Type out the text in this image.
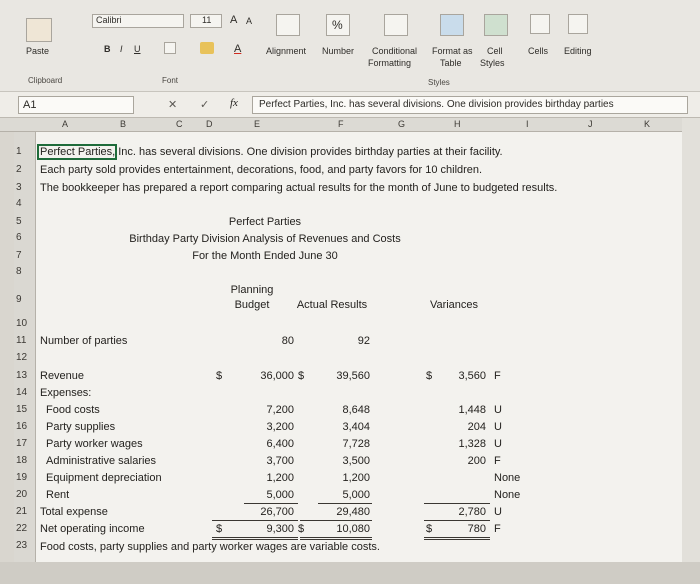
Paste
Calibri	11 A A
B I U	A	Alignment
%
Number Conditional
Formatting
Format as
Table
Cell
Styles
Cells Editing
Clipboard	Font	Styles
A1	✕ ✓ fx	Perfect Parties, Inc. has several divisions. One division provides birthday parties
A	B	C	D	E	F	G	H	I	J	K
1
2
3
4
5
6
7
8
9
10
11
12
13
14
15
16
17
18
19
20
21
22
23
Perfect Parties, Inc. has several divisions. One division provides birthday parties at their facility.
Each party sold provides entertainment, decorations, food, and party favors for 10 children.
The bookkeeper has prepared a report comparing actual results for the month of June to budgeted results.
Perfect Parties
Birthday Party Division Analysis of Revenues and Costs
For the Month Ended June 30
Planning
Budget	Actual Results	Variances
Number of parties	80	92
Revenue	$	36,000 $	39,560	$	3,560 F
Expenses:
Food costs	7,200	8,648	1,448 U
Party supplies	3,200	3,404	204 U
Party worker wages	6,400	7,728	1,328 U
Administrative salaries	3,700	3,500	200 F
Equipment depreciation	1,200	1,200	None
Rent	5,000	5,000	None
Total expense	26,700	29,480	2,780 U
Net operating income	$	9,300 $	10,080	$	780 F
Food costs, party supplies and party worker wages are variable costs.
